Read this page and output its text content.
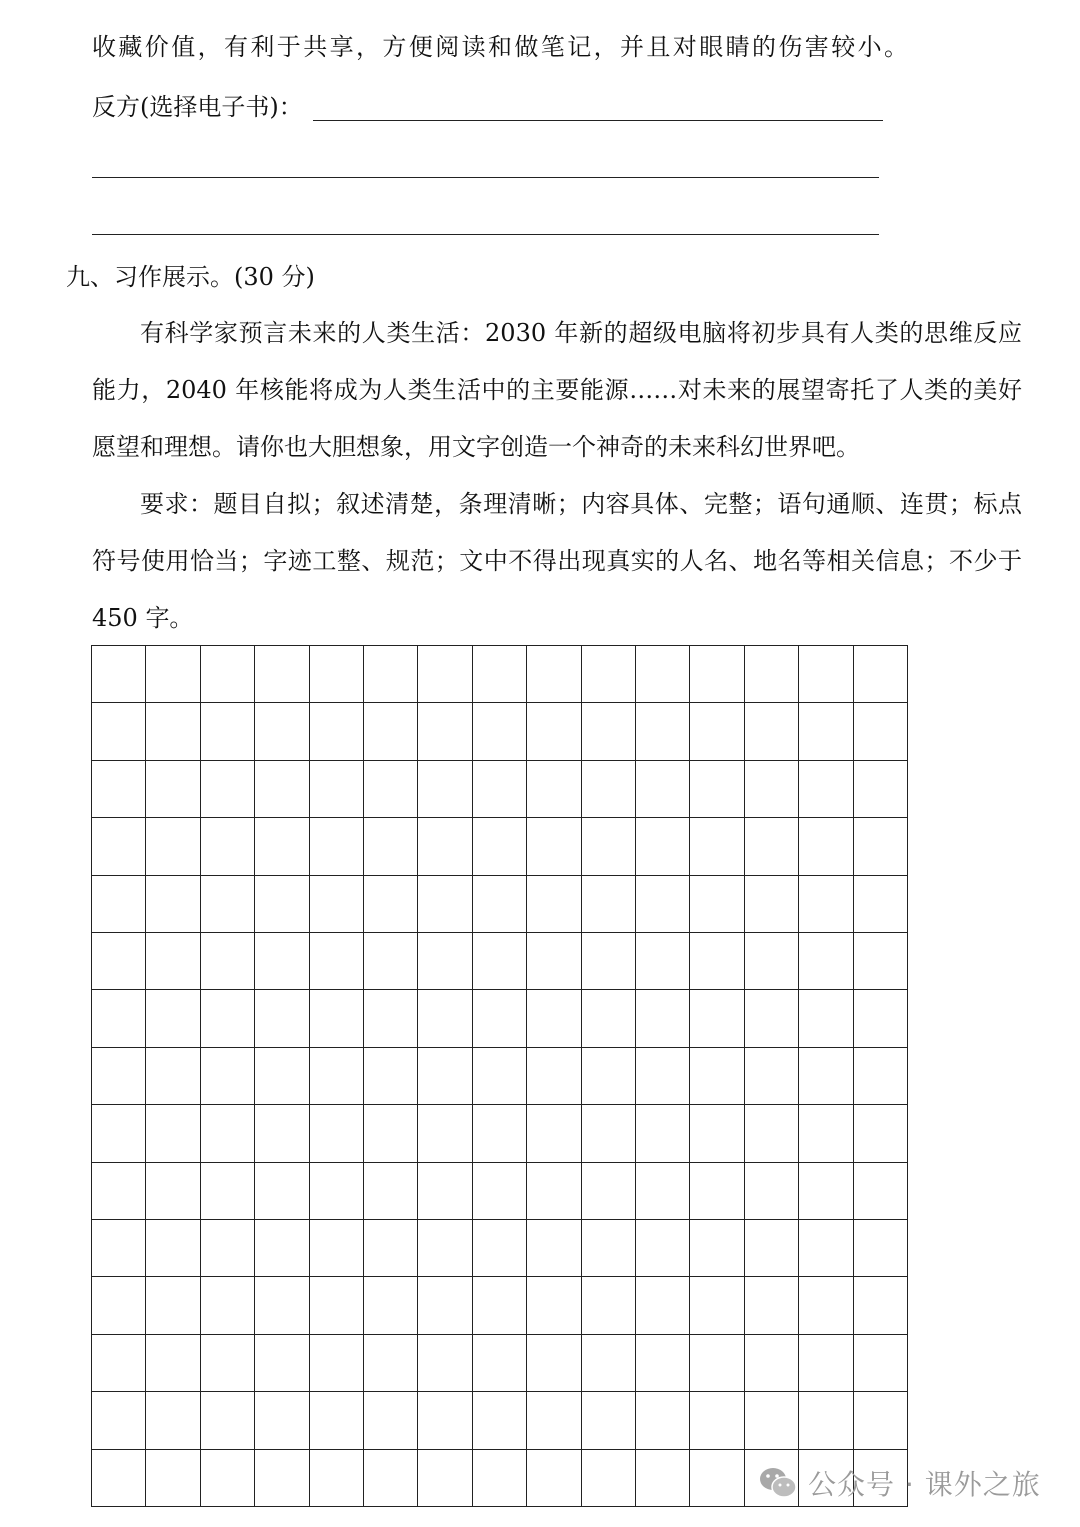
收藏价值，有利于共享，方便阅读和做笔记，并且对眼睛的伤害较小。
反方(选择电子书)：
九、习作展示。(30 分)
有科学家预言未来的人类生活：2030 年新的超级电脑将初步具有人类的思维反应能力，2040 年核能将成为人类生活中的主要能源……对未来的展望寄托了人类的美好愿望和理想。请你也大胆想象，用文字创造一个神奇的未来科幻世界吧。
要求：题目自拟；叙述清楚，条理清晰；内容具体、完整；语句通顺、连贯；标点符号使用恰当；字迹工整、规范；文中不得出现真实的人名、地名等相关信息；不少于 450 字。
公众号 · 课外之旅
